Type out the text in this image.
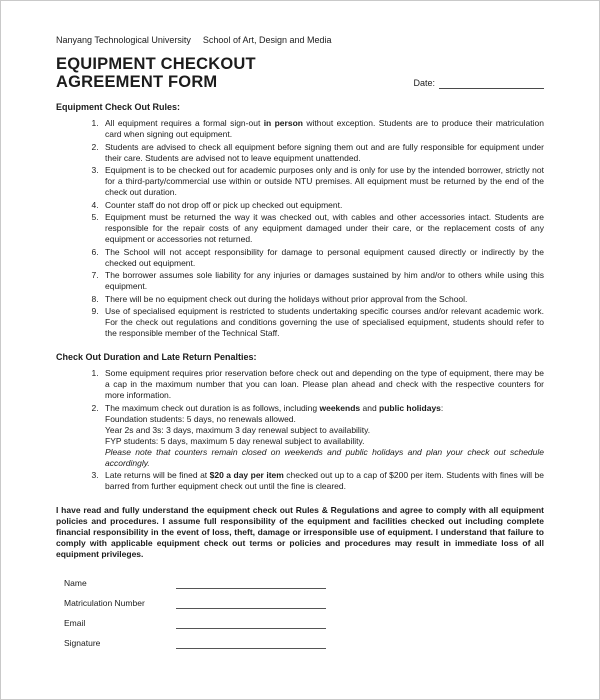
Nanyang Technological University School of Art, Design and Media
EQUIPMENT CHECKOUT
AGREEMENT FORM	Date:

Equipment Check Out Rules:

1. All equipment requires a formal sign-out in person without exception. Students are to produce their matriculation card when signing out equipment.
2. Students are advised to check all equipment before signing them out and are fully responsible for equipment under their care. Students are advised not to leave equipment unattended.
3. Equipment is to be checked out for academic purposes only and is only for use by the intended borrower, strictly not for a third-party/commercial use within or outside NTU premises. All equipment must be returned by the end of the check out duration.
4. Counter staff do not drop off or pick up checked out equipment.
5. Equipment must be returned the way it was checked out, with cables and other accessories intact. Students are responsible for the repair costs of any equipment damaged under their care, or the replacement costs of any equipment or accessories not returned.
6. The School will not accept responsibility for damage to personal equipment caused directly or indirectly by the checked out equipment.
7. The borrower assumes sole liability for any injuries or damages sustained by him and/or to others while using this equipment.
8. There will be no equipment check out during the holidays without prior approval from the School.
9. Use of specialised equipment is restricted to students undertaking specific courses and/or relevant academic work. For the check out regulations and conditions governing the use of specialised equipment, students should refer to the responsible member of the Technical Staff.

Check Out Duration and Late Return Penalties:

1. Some equipment requires prior reservation before check out and depending on the type of equipment, there may be a cap in the maximum number that you can loan. Please plan ahead and check with the respective counters for more information.
2. The maximum check out duration is as follows, including weekends and public holidays:
Foundation students: 5 days, no renewals allowed.
Year 2s and 3s: 3 days, maximum 3 day renewal subject to availability.
FYP students: 5 days, maximum 5 day renewal subject to availability.
Please note that counters remain closed on weekends and public holidays and plan your check out schedule accordingly.
3. Late returns will be fined at $20 a day per item checked out up to a cap of $200 per item. Students with fines will be barred from further equipment check out until the fine is cleared.

I have read and fully understand the equipment check out Rules & Regulations and agree to comply with all equipment policies and procedures. I assume full responsibility of the equipment and facilities checked out including complete financial responsibility in the event of loss, theft, damage or irresponsible use of equipment. I understand that failure to comply with applicable equipment check out terms or policies and procedures may result in immediate loss of all equipment privileges.

Name
Matriculation Number
Email
Signature
